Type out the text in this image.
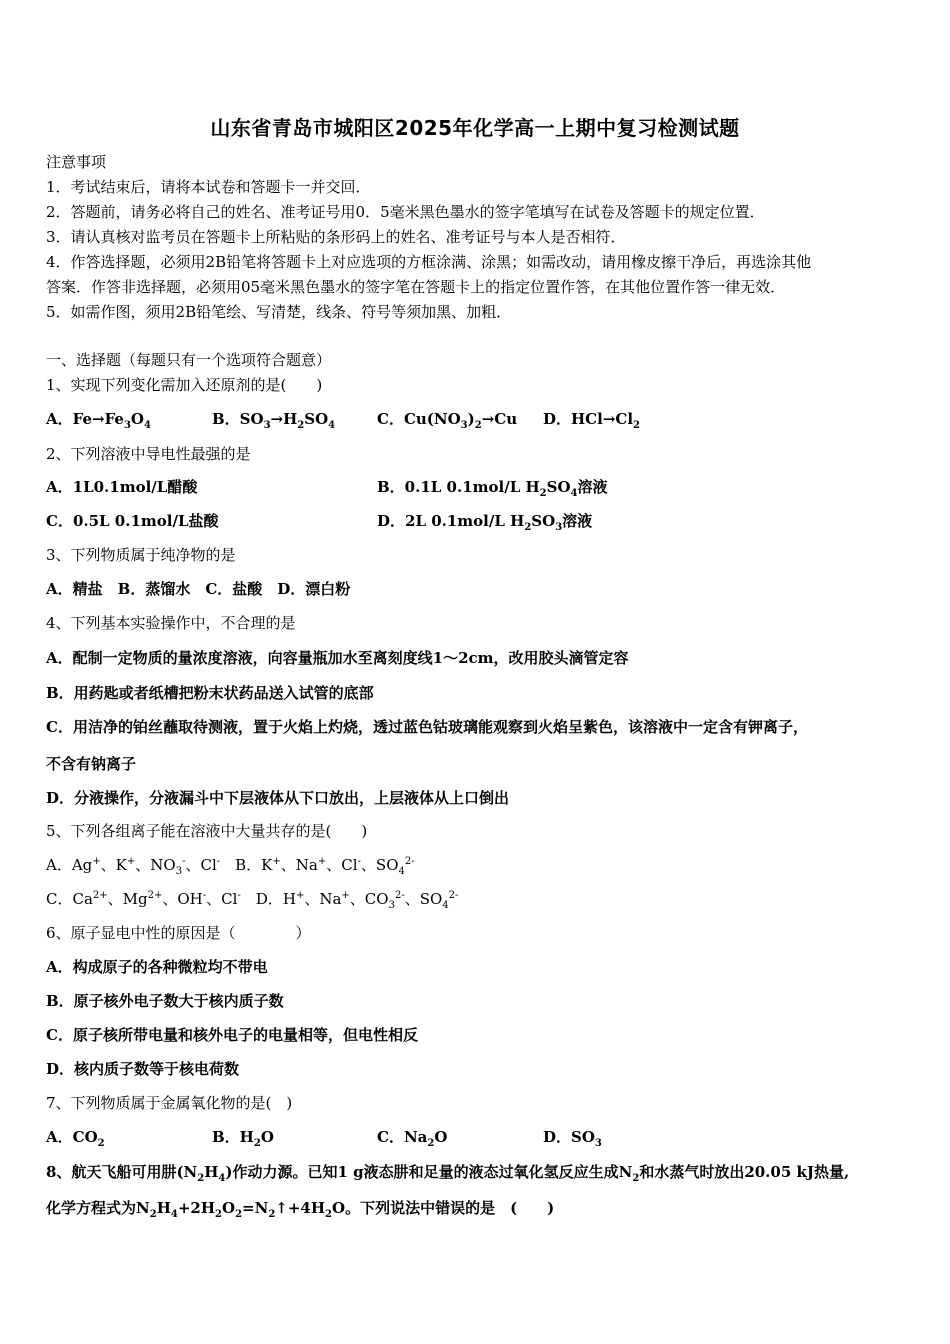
山东省青岛市城阳区2025年化学高一上期中复习检测试题
注意事项
1．考试结束后，请将本试卷和答题卡一并交回．
2．答题前，请务必将自己的姓名、准考证号用0．5毫米黑色墨水的签字笔填写在试卷及答题卡的规定位置．
3．请认真核对监考员在答题卡上所粘贴的条形码上的姓名、准考证号与本人是否相符．
4．作答选择题，必须用2B铅笔将答题卡上对应选项的方框涂满、涂黑；如需改动，请用橡皮擦干净后，再选涂其他
答案．作答非选择题，必须用05毫米黑色墨水的签字笔在答题卡上的指定位置作答，在其他位置作答一律无效．
5．如需作图，须用2B铅笔绘、写清楚，线条、符号等须加黑、加粗．
一、选择题（每题只有一个选项符合题意）
1、实现下列变化需加入还原剂的是(　　)
A．$Fe\to Fe_3O_4$	B．$SO_3\to H_2SO_4$	C．$Cu(NO_3)_2\to Cu$ D．$HCl\to Cl_2$
2、下列溶液中导电性最强的是
A．1L0.1mol/L醋酸	B．0.1L 0.1mol/L $H_2SO_4$溶液
C．0.5L 0.1mol/L盐酸	D．2L 0.1mol/L $H_2SO_3$溶液
3、下列物质属于纯净物的是
A．精盐　B．蒸馏水　C．盐酸　D．漂白粉
4、下列基本实验操作中，不合理的是
A．配制一定物质的量浓度溶液，向容量瓶加水至离刻度线1～2cm，改用胶头滴管定容
B．用药匙或者纸槽把粉末状药品送入试管的底部
C．用洁净的铂丝蘸取待测液，置于火焰上灼烧，透过蓝色钴玻璃能观察到火焰呈紫色，该溶液中一定含有钾离子，
不含有钠离子
D．分液操作，分液漏斗中下层液体从下口放出，上层液体从上口倒出
5、下列各组离子能在溶液中大量共存的是(　　)
A．Ag+、K+、$NO_3^-$、Cl-　B．K+、Na+、Cl-、$SO_4^{2-}$
C．$Ca^{2+}$、$Mg^{2+}$、OH-、Cl-　D．H+、Na+、$CO_3^{2-}$、$SO_4^{2-}$
6、原子显电中性的原因是（　　　　）
A．构成原子的各种微粒均不带电
B．原子核外电子数大于核内质子数
C．原子核所带电量和核外电子的电量相等，但电性相反
D．核内质子数等于核电荷数
7、下列物质属于金属氧化物的是(　)
A．$CO_2$	B．$H_2O$	C．$Na_2O$	D．$SO_3$
8、航天飞船可用肼$(N_2H_4)$作动力源。已知1 g液态肼和足量的液态过氧化氢反应生成$N_2$和水蒸气时放出20.05 kJ热量,
化学方程式为$N_2H_4+2H_2O_2=N_2↑+4H_2O$。下列说法中错误的是　(　　)
